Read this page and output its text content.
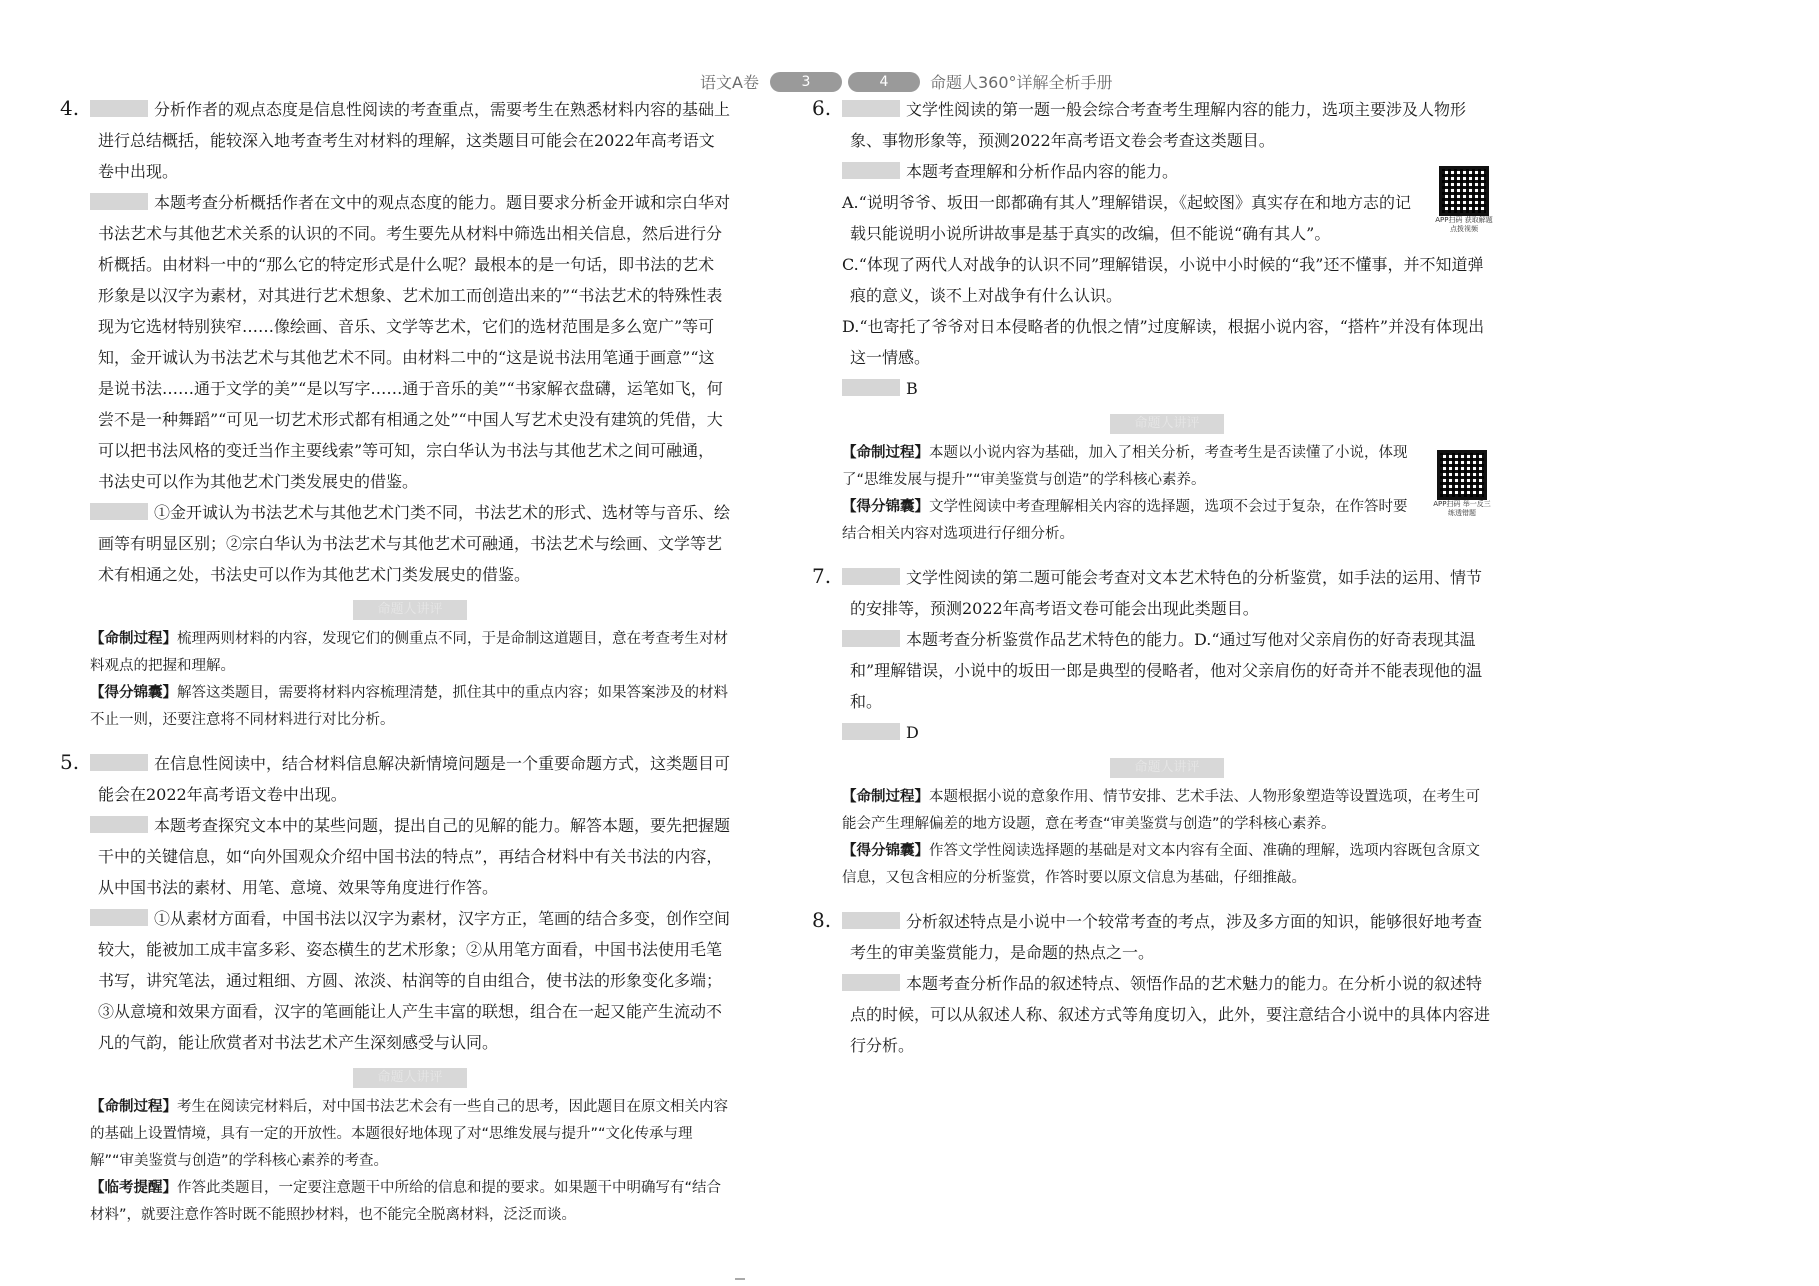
语文A卷	3	4	命题人360°详解全析手册
4.	分析作者的观点态度是信息性阅读的考查重点，需要考生在熟悉材料内容的基础上进行总结概括，能较深入地考查考生对材料的理解，这类题目可能会在2022年高考语文卷中出现。

本题考查分析概括作者在文中的观点态度的能力。题目要求分析金开诚和宗白华对书法艺术与其他艺术关系的认识的不同。考生要先从材料中筛选出相关信息，然后进行分析概括。由材料一中的“那么它的特定形式是什么呢？最根本的是一句话，即书法的艺术形象是以汉字为素材，对其进行艺术想象、艺术加工而创造出来的”“书法艺术的特殊性表现为它选材特别狭窄……像绘画、音乐、文学等艺术，它们的选材范围是多么宽广”等可知，金开诚认为书法艺术与其他艺术不同。由材料二中的“这是说书法用笔通于画意”“这是说书法……通于文学的美”“是以写字……通于音乐的美”“书家解衣盘礴，运笔如飞，何尝不是一种舞蹈”“可见一切艺术形式都有相通之处”“中国人写艺术史没有建筑的凭借，大可以把书法风格的变迁当作主要线索”等可知，宗白华认为书法与其他艺术之间可融通，书法史可以作为其他艺术门类发展史的借鉴。

①金开诚认为书法艺术与其他艺术门类不同，书法艺术的形式、选材等与音乐、绘画等有明显区别；②宗白华认为书法艺术与其他艺术可融通，书法艺术与绘画、文学等艺术有相通之处，书法史可以作为其他艺术门类发展史的借鉴。

命题人讲评

【命制过程】梳理两则材料的内容，发现它们的侧重点不同，于是命制这道题目，意在考查考生对材料观点的把握和理解。

【得分锦囊】解答这类题目，需要将材料内容梳理清楚，抓住其中的重点内容；如果答案涉及的材料不止一则，还要注意将不同材料进行对比分析。

5.	在信息性阅读中，结合材料信息解决新情境问题是一个重要命题方式，这类题目可能会在2022年高考语文卷中出现。

本题考查探究文本中的某些问题，提出自己的见解的能力。解答本题，要先把握题干中的关键信息，如“向外国观众介绍中国书法的特点”，再结合材料中有关书法的内容，从中国书法的素材、用笔、意境、效果等角度进行作答。

①从素材方面看，中国书法以汉字为素材，汉字方正，笔画的结合多变，创作空间较大，能被加工成丰富多彩、姿态横生的艺术形象；②从用笔方面看，中国书法使用毛笔书写，讲究笔法，通过粗细、方圆、浓淡、枯润等的自由组合，使书法的形象变化多端；③从意境和效果方面看，汉字的笔画能让人产生丰富的联想，组合在一起又能产生流动不凡的气韵，能让欣赏者对书法艺术产生深刻感受与认同。

命题人讲评

【命制过程】考生在阅读完材料后，对中国书法艺术会有一些自己的思考，因此题目在原文相关内容的基础上设置情境，具有一定的开放性。本题很好地体现了对“思维发展与提升”“文化传承与理解”“审美鉴赏与创造”的学科核心素养的考查。

【临考提醒】作答此类题目，一定要注意题干中所给的信息和提的要求。如果题干中明确写有“结合材料”，就要注意作答时既不能照抄材料，也不能完全脱离材料，泛泛而谈。

6.	文学性阅读的第一题一般会综合考查考生理解内容的能力，选项主要涉及人物形象、事物形象等，预测2022年高考语文卷会考查这类题目。

本题考查理解和分析作品内容的能力。

A.“说明爷爷、坂田一郎都确有其人”理解错误，《起蛟图》真实存在和地方志的记载只能说明小说所讲故事是基于真实的改编，但不能说“确有其人”。

C.“体现了两代人对战争的认识不同”理解错误，小说中小时候的“我”还不懂事，并不知道弹痕的意义，谈不上对战争有什么认识。

D.“也寄托了爷爷对日本侵略者的仇恨之情”过度解读，根据小说内容，“搭杵”并没有体现出这一情感。

B

APP扫码 获取解题点拨视频
命题人讲评

【命制过程】本题以小说内容为基础，加入了相关分析，考查考生是否读懂了小说，体现了“思维发展与提升”“审美鉴赏与创造”的学科核心素养。

【得分锦囊】文学性阅读中考查理解相关内容的选择题，选项不会过于复杂，在作答时要结合相关内容对选项进行仔细分析。

APP扫码 举一反三练透错题
7.	文学性阅读的第二题可能会考查对文本艺术特色的分析鉴赏，如手法的运用、情节的安排等，预测2022年高考语文卷可能会出现此类题目。

本题考查分析鉴赏作品艺术特色的能力。D.“通过写他对父亲肩伤的好奇表现其温和”理解错误，小说中的坂田一郎是典型的侵略者，他对父亲肩伤的好奇并不能表现他的温和。

D

命题人讲评

【命制过程】本题根据小说的意象作用、情节安排、艺术手法、人物形象塑造等设置选项，在考生可能会产生理解偏差的地方设题，意在考查“审美鉴赏与创造”的学科核心素养。

【得分锦囊】作答文学性阅读选择题的基础是对文本内容有全面、准确的理解，选项内容既包含原文信息，又包含相应的分析鉴赏，作答时要以原文信息为基础，仔细推敲。

8.	分析叙述特点是小说中一个较常考查的考点，涉及多方面的知识，能够很好地考查考生的审美鉴赏能力，是命题的热点之一。

本题考查分析作品的叙述特点、领悟作品的艺术魅力的能力。在分析小说的叙述特点的时候，可以从叙述人称、叙述方式等角度切入，此外，要注意结合小说中的具体内容进行分析。
